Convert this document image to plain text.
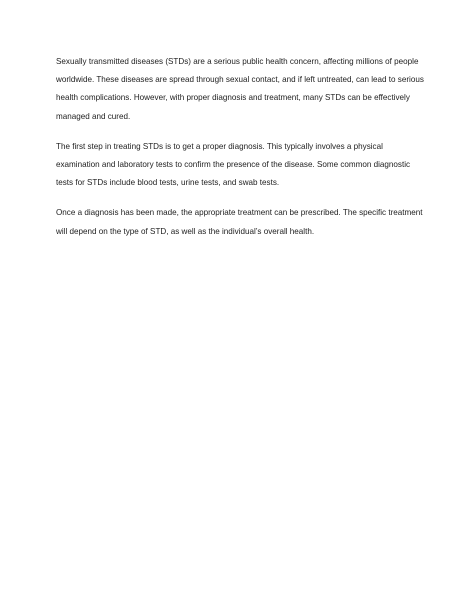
Sexually transmitted diseases (STDs) are a serious public health concern, affecting millions of people worldwide. These diseases are spread through sexual contact, and if left untreated, can lead to serious health complications. However, with proper diagnosis and treatment, many STDs can be effectively managed and cured.

The first step in treating STDs is to get a proper diagnosis. This typically involves a physical examination and laboratory tests to confirm the presence of the disease. Some common diagnostic tests for STDs include blood tests, urine tests, and swab tests.

Once a diagnosis has been made, the appropriate treatment can be prescribed. The specific treatment will depend on the type of STD, as well as the individual’s overall health.
